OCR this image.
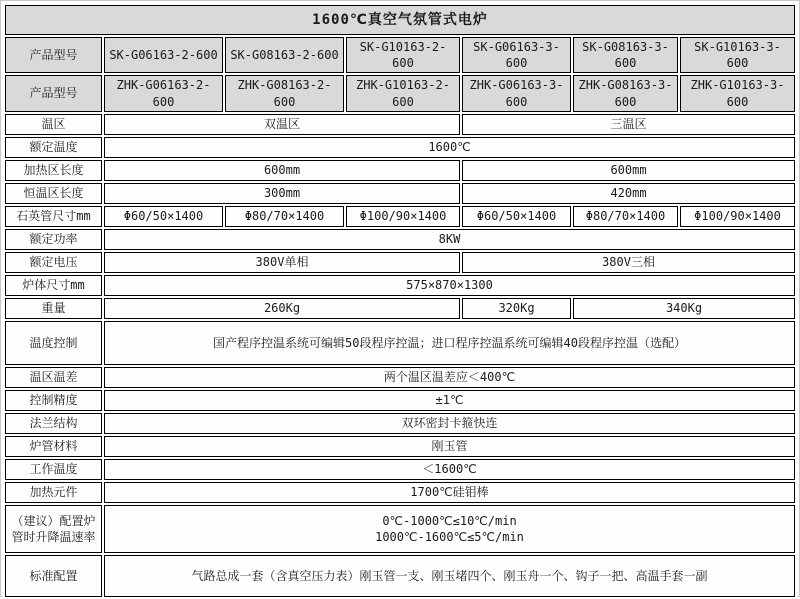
1600℃真空气氛管式电炉						
产品型号	SK-G06163-2-600	SK-G08163-2-600	SK-G10163-2-600	SK-G06163-3-600	SK-G08163-3-600	SK-G10163-3-600
产品型号	ZHK-G06163-2-600	ZHK-G08163-2-600	ZHK-G10163-2-600	ZHK-G06163-3-600	ZHK-G08163-3-600	ZHK-G10163-3-600
温区	双温区			三温区		
额定温度	1600℃					
加热区长度	600mm			600mm		
恒温区长度	300mm			420mm		
石英管尺寸mm	Φ60/50×1400	Φ80/70×1400	Φ100/90×1400	Φ60/50×1400	Φ80/70×1400	Φ100/90×1400
额定功率	8KW					
额定电压	380V单相			380V三相		
炉体尺寸mm	575×870×1300					
重量	260Kg			320Kg	340Kg	
温度控制	国产程序控温系统可编辑50段程序控温；进口程序控温系统可编辑40段程序控温（选配）					
温区温差	两个温区温差应＜400℃					
控制精度	±1℃					
法兰结构	双环密封卡箍快连					
炉管材料	刚玉管					
工作温度	＜1600℃					
加热元件	1700℃硅钼棒					
（建议）配置炉管时升降温速率	0℃-1000℃≤10℃/min
1000℃-1600℃≤5℃/min					

标准配置	气路总成一套（含真空压力表）刚玉管一支、刚玉堵四个、刚玉舟一个、钩子一把、高温手套一副					
